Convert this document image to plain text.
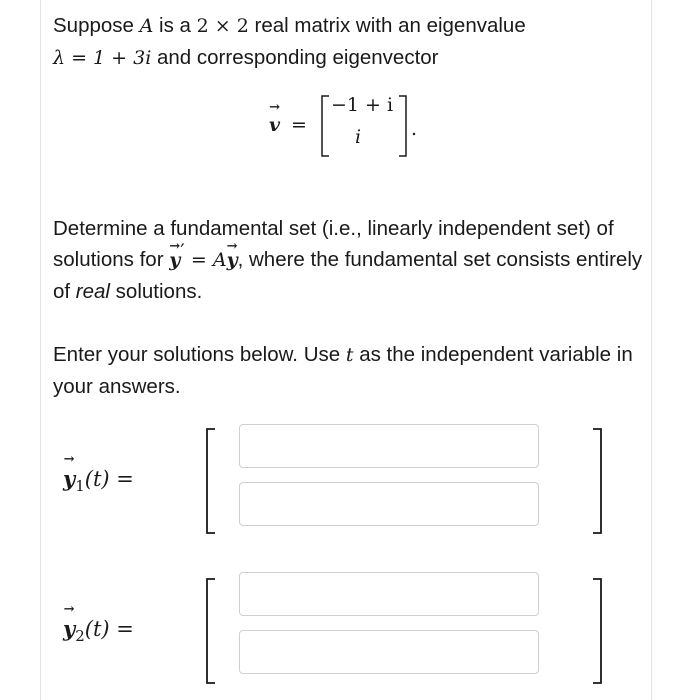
Suppose A is a 2 × 2 real matrix with an eigenvalue
λ = 1 + 3i and corresponding eigenvector

→ v =
−1 + i
i	.

Determine a fundamental set (i.e., linearly independent set) of solutions for → y′ = A→ y, where the fundamental set consists entirely of real solutions.

Enter your solutions below. Use t as the independent variable in your answers.

→ $y_1(t)$ =
→ $y_2(t)$ =
